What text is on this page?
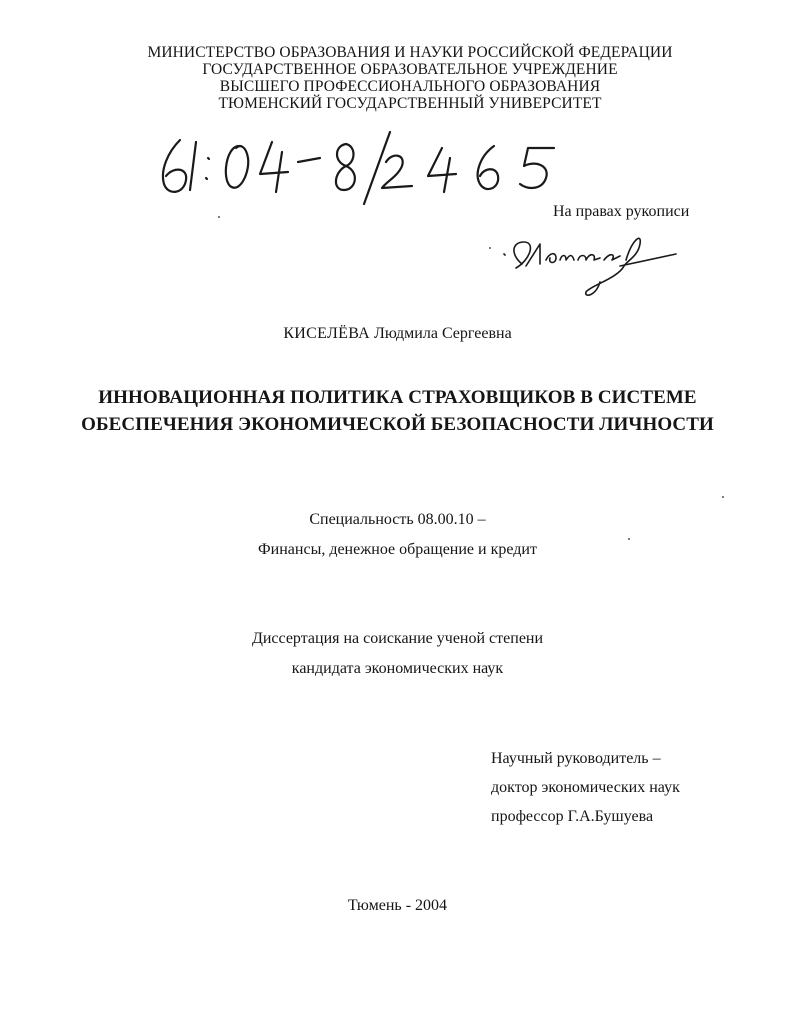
МИНИСТЕРСТВО ОБРАЗОВАНИЯ И НАУКИ РОССИЙСКОЙ ФЕДЕРАЦИИ
ГОСУДАРСТВЕННОЕ ОБРАЗОВАТЕЛЬНОЕ УЧРЕЖДЕНИЕ
ВЫСШЕГО ПРОФЕССИОНАЛЬНОГО ОБРАЗОВАНИЯ
ТЮМЕНСКИЙ ГОСУДАРСТВЕННЫЙ УНИВЕРСИТЕТ
На правах рукописи
КИСЕЛЁВА Людмила Сергеевна
ИННОВАЦИОННАЯ ПОЛИТИКА СТРАХОВЩИКОВ В СИСТЕМЕ
ОБЕСПЕЧЕНИЯ ЭКОНОМИЧЕСКОЙ БЕЗОПАСНОСТИ ЛИЧНОСТИ
Специальность 08.00.10 –
Финансы, денежное обращение и кредит
Диссертация на соискание ученой степени
кандидата экономических наук
Научный руководитель –
доктор экономических наук
профессор Г.А.Бушуева
Тюмень - 2004
